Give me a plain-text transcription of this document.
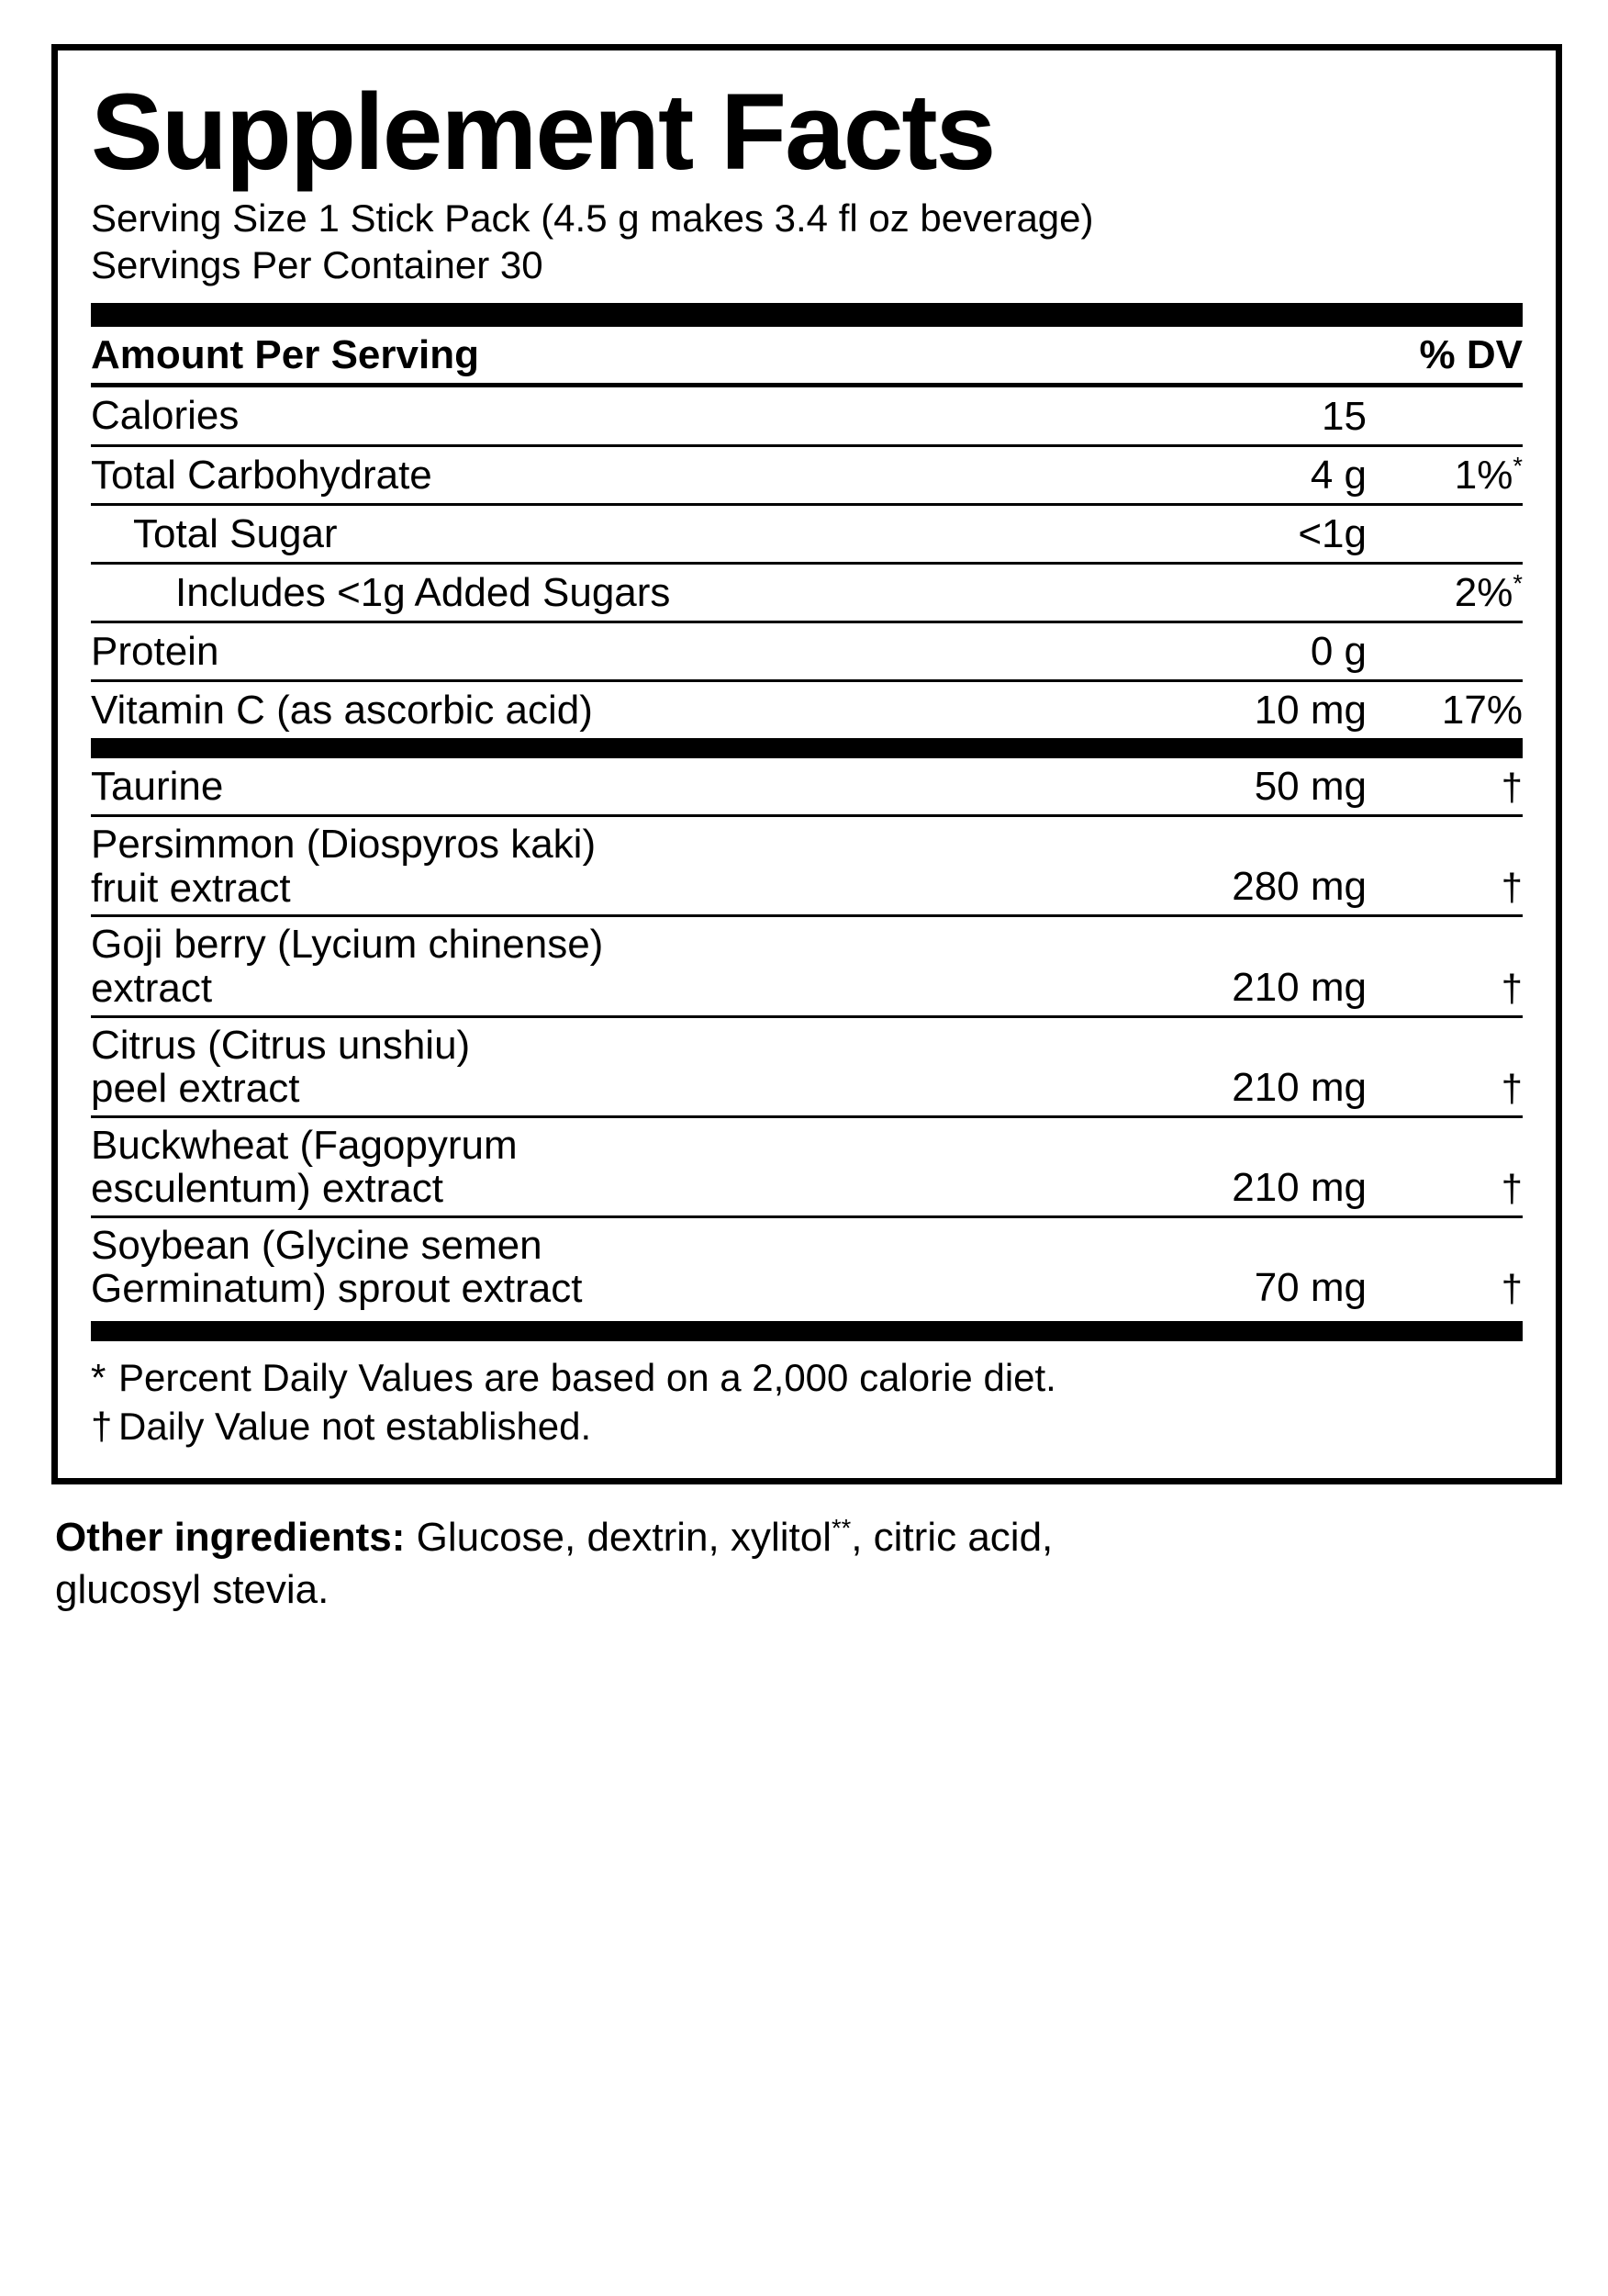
Supplement Facts
Serving Size 1 Stick Pack (4.5 g makes 3.4 fl oz beverage)
Servings Per Container 30
Amount Per Serving		% DV
Calories	15	
Total Carbohydrate	4 g	1%*
Total Sugar	<1g	
Includes <1g Added Sugars		2%*
Protein	0 g	
Vitamin C (as ascorbic acid)	10 mg	17%
Taurine	50 mg	†

Persimmon (Diospyros kaki)
fruit extract	280 mg	†

Goji berry (Lycium chinense)
extract	210 mg	†

Citrus (Citrus unshiu)
peel extract	210 mg	†

Buckwheat (Fagopyrum
esculentum) extract	210 mg	†

Soybean (Glycine semen
Germinatum) sprout extract	70 mg	†
* Percent Daily Values are based on a 2,000 calorie diet.
† Daily Value not established.
Other ingredients: Glucose, dextrin, xylitol**, citric acid,
glucosyl stevia.
